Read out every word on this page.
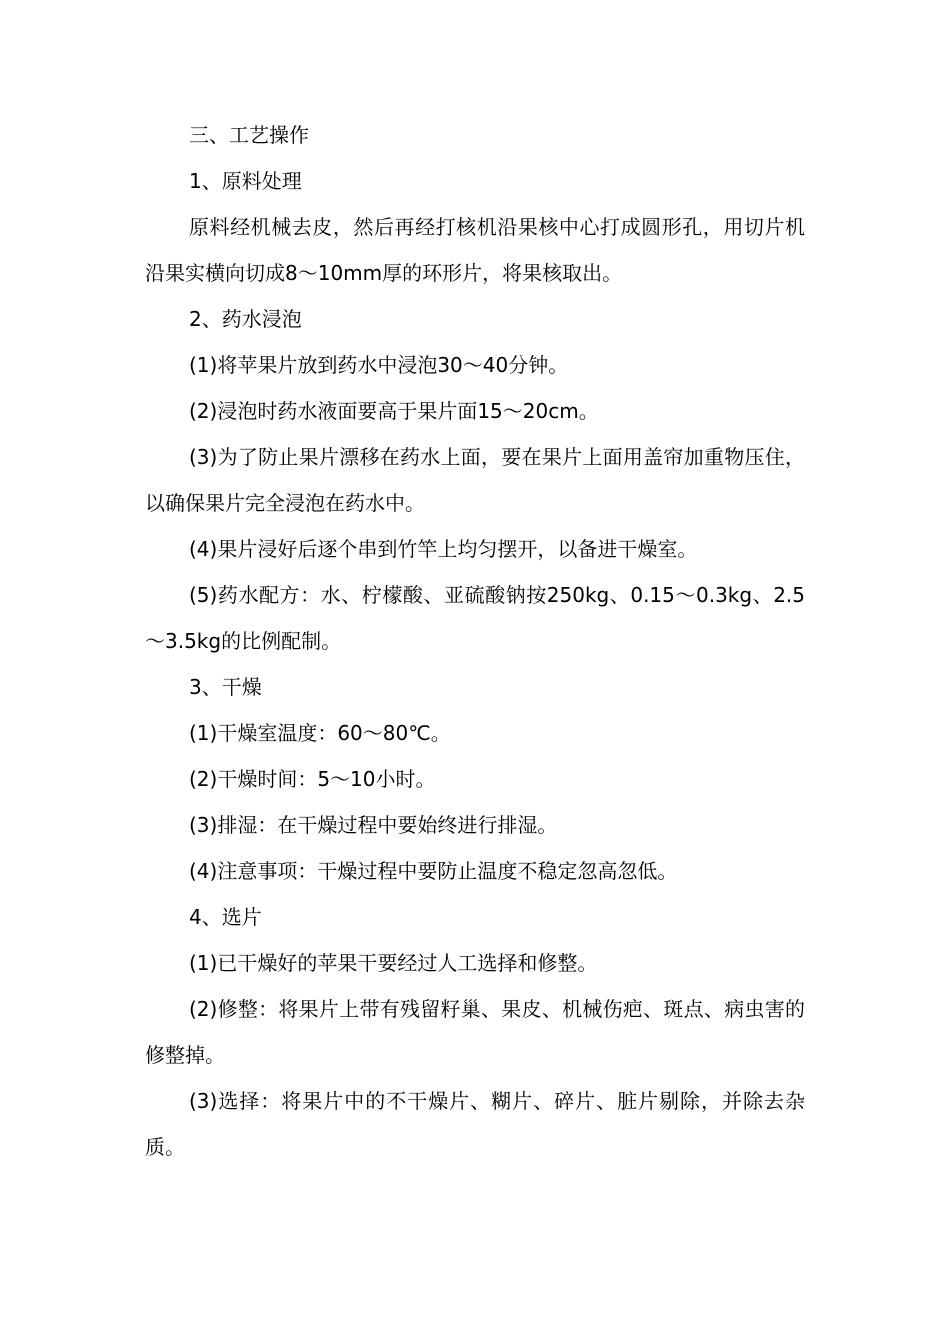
三、工艺操作

1、原料处理

原料经机械去皮，然后再经打核机沿果核中心打成圆形孔，用切片机沿果实横向切成8～10mm厚的环形片，将果核取出。

2、药水浸泡

(1)将苹果片放到药水中浸泡30～40分钟。

(2)浸泡时药水液面要高于果片面15～20cm。

(3)为了防止果片漂移在药水上面，要在果片上面用盖帘加重物压住，以确保果片完全浸泡在药水中。

(4)果片浸好后逐个串到竹竿上均匀摆开，以备进干燥室。

(5)药水配方：水、柠檬酸、亚硫酸钠按250kg、0.15～0.3kg、2.5～3.5kg的比例配制。

3、干燥

(1)干燥室温度：60～80℃。

(2)干燥时间：5～10小时。

(3)排湿：在干燥过程中要始终进行排湿。

(4)注意事项：干燥过程中要防止温度不稳定忽高忽低。

4、选片

(1)已干燥好的苹果干要经过人工选择和修整。

(2)修整：将果片上带有残留籽巢、果皮、机械伤疤、斑点、病虫害的修整掉。

(3)选择：将果片中的不干燥片、糊片、碎片、脏片剔除，并除去杂质。
